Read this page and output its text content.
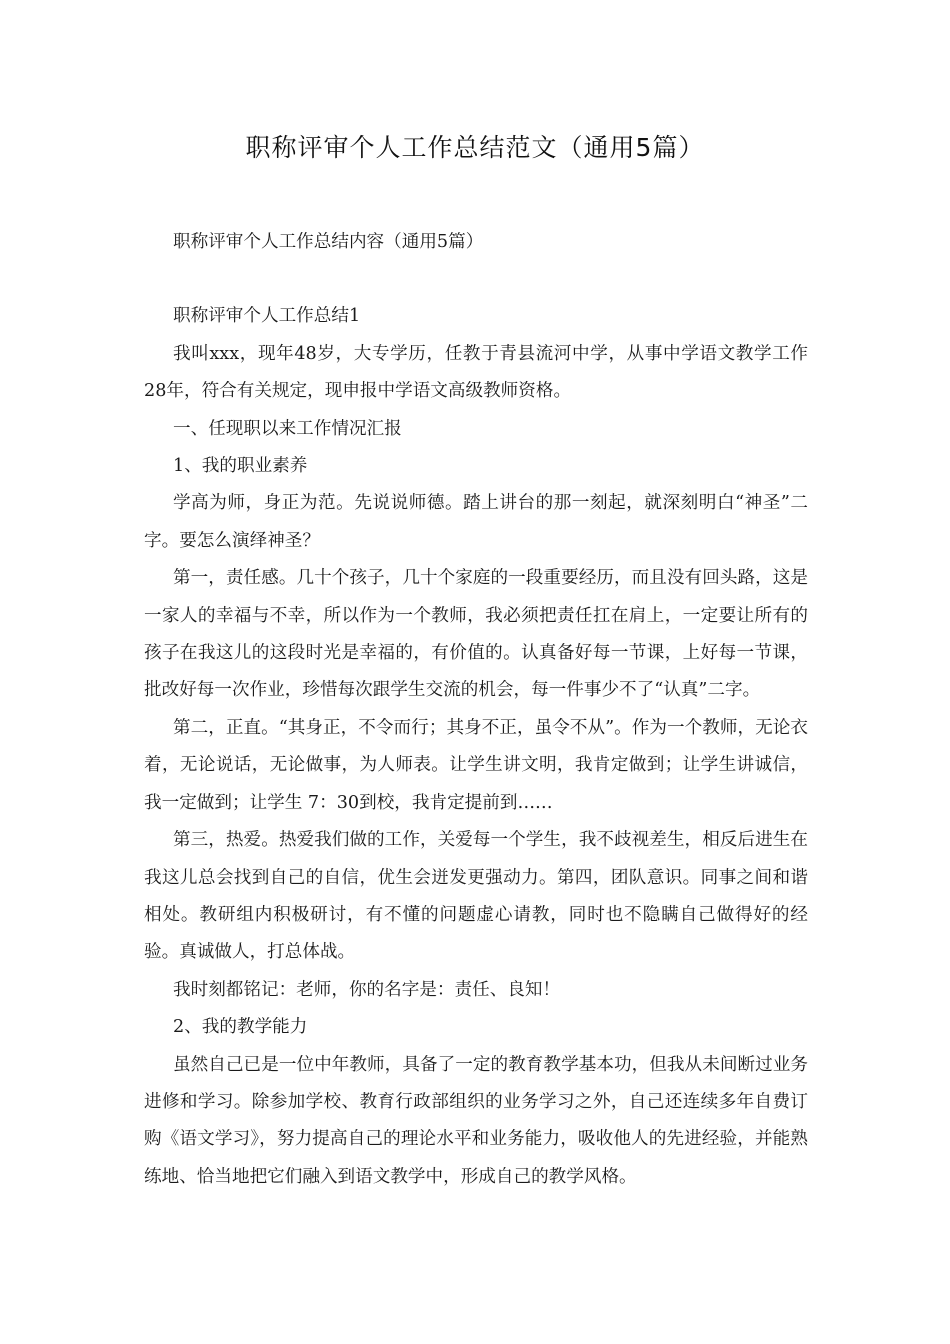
职称评审个人工作总结范文（通用5篇）

职称评审个人工作总结内容（通用5篇）

职称评审个人工作总结1

我叫xxx，现年48岁，大专学历，任教于青县流河中学，从事中学语文教学工作28年，符合有关规定，现申报中学语文高级教师资格。

一、任现职以来工作情况汇报

1、我的职业素养

学高为师，身正为范。先说说师德。踏上讲台的那一刻起，就深刻明白“神圣”二字。要怎么演绎神圣？

第一，责任感。几十个孩子，几十个家庭的一段重要经历，而且没有回头路，这是一家人的幸福与不幸，所以作为一个教师，我必须把责任扛在肩上，一定要让所有的孩子在我这儿的这段时光是幸福的，有价值的。认真备好每一节课，上好每一节课，批改好每一次作业，珍惜每次跟学生交流的机会，每一件事少不了“认真”二字。

第二，正直。“其身正，不令而行；其身不正，虽令不从”。作为一个教师，无论衣着，无论说话，无论做事，为人师表。让学生讲文明，我肯定做到；让学生讲诚信，我一定做到；让学生 7：30到校，我肯定提前到……

第三，热爱。热爱我们做的工作，关爱每一个学生，我不歧视差生，相反后进生在我这儿总会找到自己的自信，优生会迸发更强动力。第四，团队意识。同事之间和谐相处。教研组内积极研讨，有不懂的问题虚心请教，同时也不隐瞒自己做得好的经验。真诚做人，打总体战。

我时刻都铭记：老师，你的名字是：责任、良知！

2、我的教学能力

虽然自己已是一位中年教师，具备了一定的教育教学基本功，但我从未间断过业务进修和学习。除参加学校、教育行政部组织的业务学习之外，自己还连续多年自费订购《语文学习》，努力提高自己的理论水平和业务能力，吸收他人的先进经验，并能熟练地、恰当地把它们融入到语文教学中，形成自己的教学风格。
